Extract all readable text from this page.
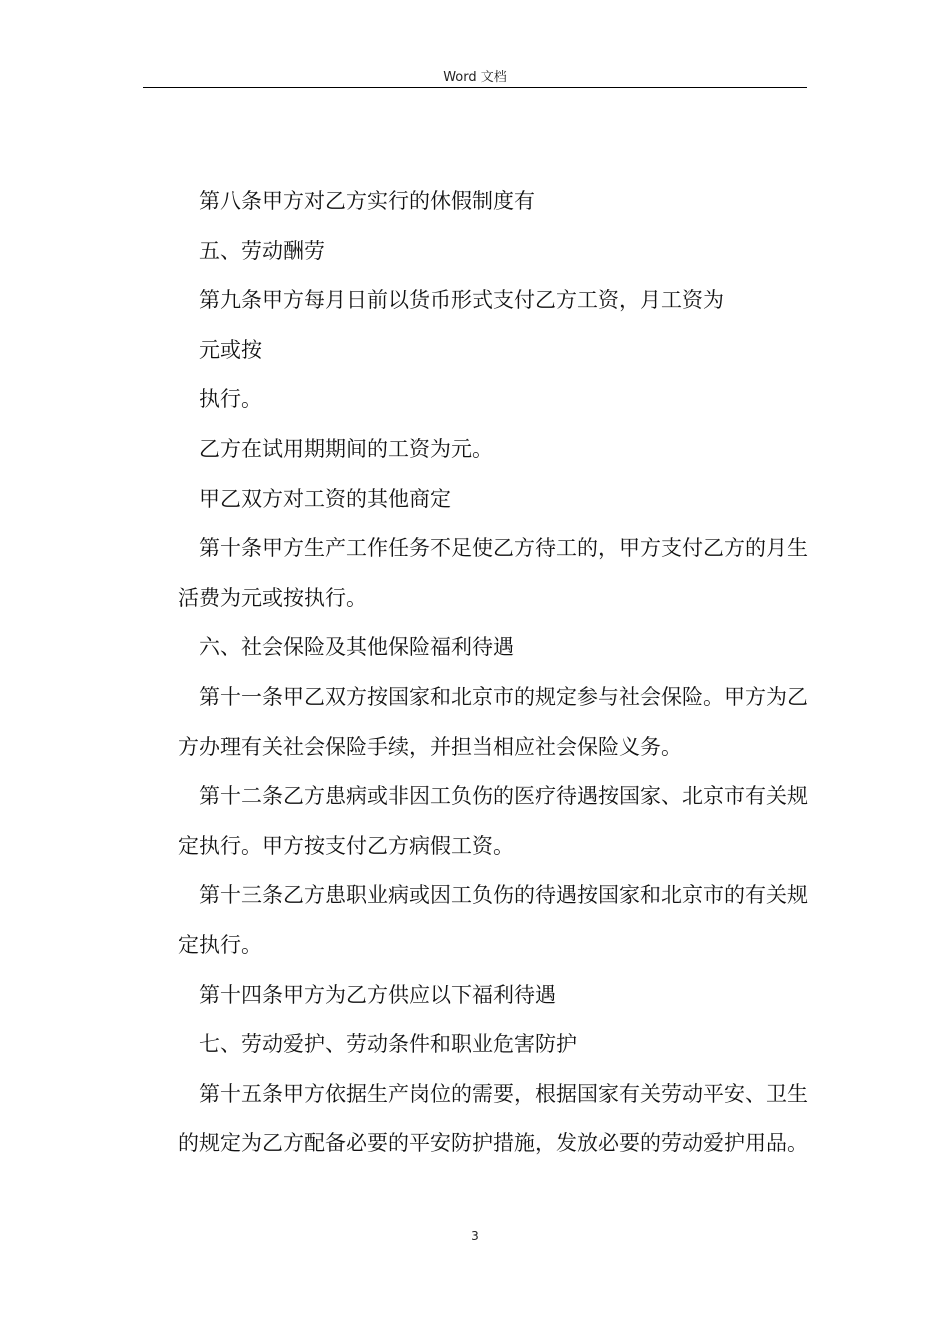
Word 文档

第八条甲方对乙方实行的休假制度有

五、劳动酬劳

第九条甲方每月日前以货币形式支付乙方工资，月工资为

元或按

执行。

乙方在试用期期间的工资为元。

甲乙双方对工资的其他商定

第十条甲方生产工作任务不足使乙方待工的，甲方支付乙方的月生活费为元或按执行。

六、社会保险及其他保险福利待遇

第十一条甲乙双方按国家和北京市的规定参与社会保险。甲方为乙方办理有关社会保险手续，并担当相应社会保险义务。

第十二条乙方患病或非因工负伤的医疗待遇按国家、北京市有关规定执行。甲方按支付乙方病假工资。

第十三条乙方患职业病或因工负伤的待遇按国家和北京市的有关规定执行。

第十四条甲方为乙方供应以下福利待遇

七、劳动爱护、劳动条件和职业危害防护

第十五条甲方依据生产岗位的需要，根据国家有关劳动平安、卫生的规定为乙方配备必要的平安防护措施，发放必要的劳动爱护用品。

3
